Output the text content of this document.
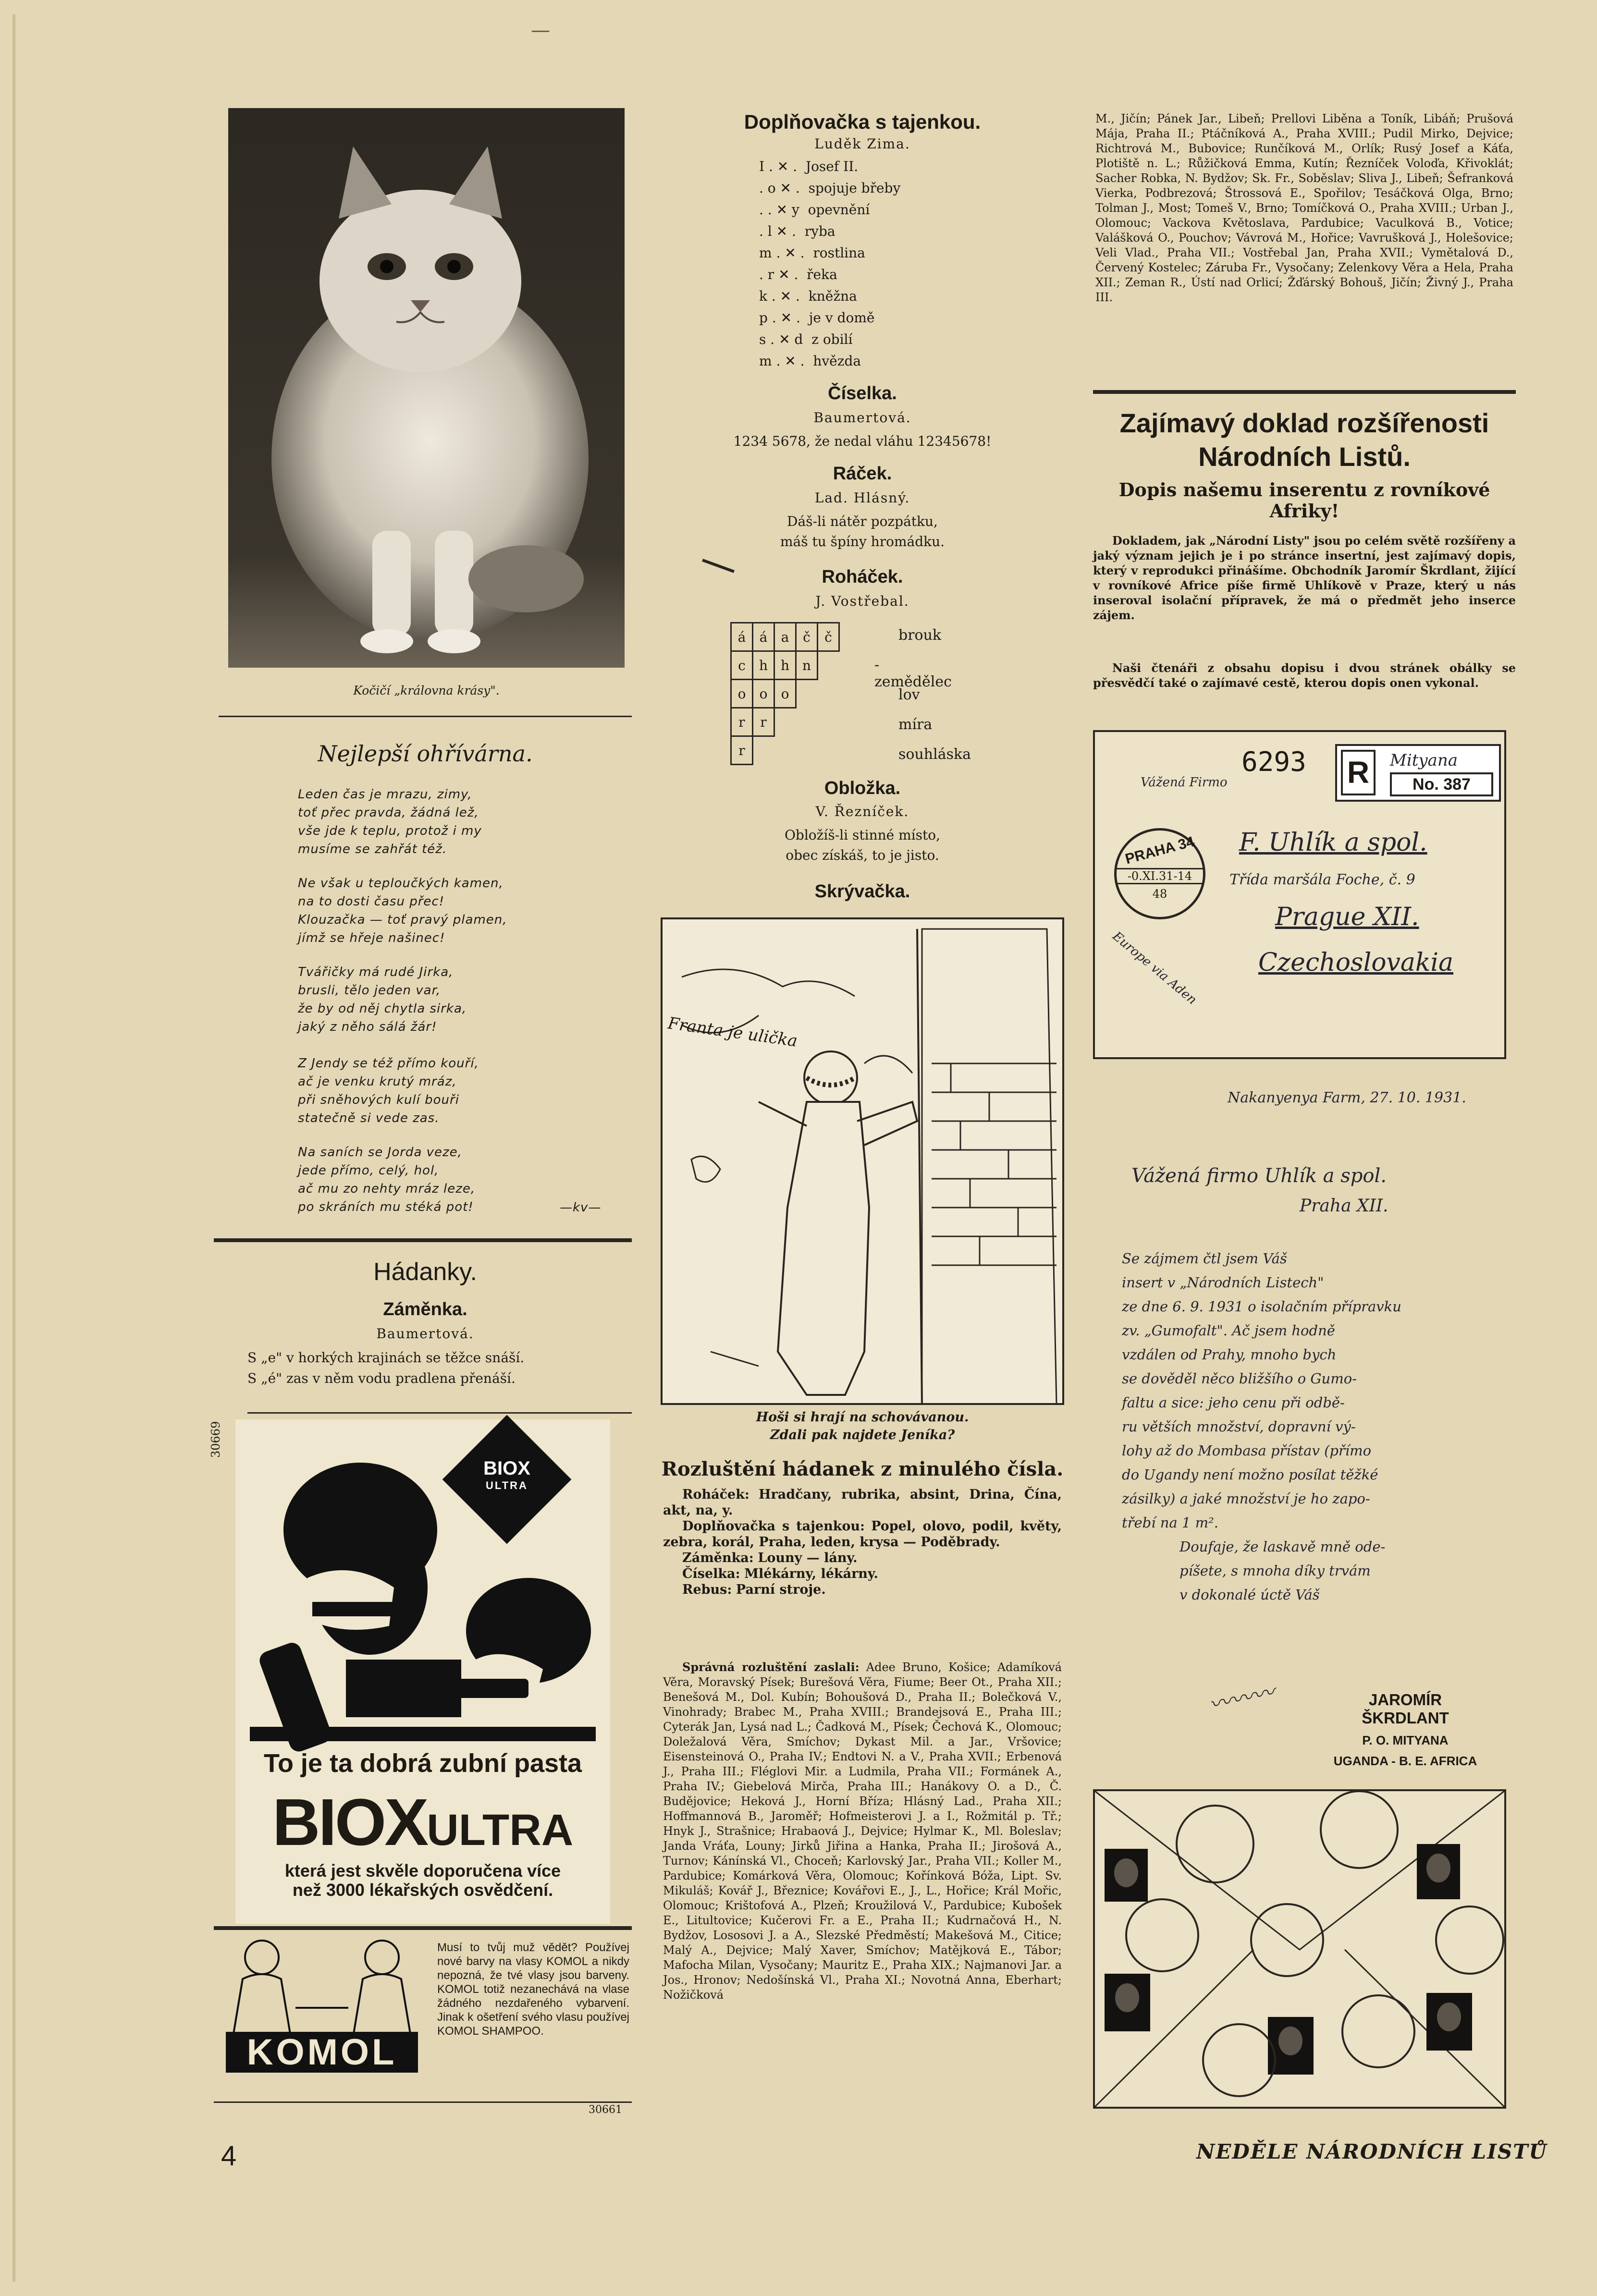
—
Kočičí „královna krásy".
Nejlepší ohřívárna.
Leden čas je mrazu, zimy,
toť přec pravda, žádná lež,
vše jde k teplu, protož i my
musíme se zahřát též.
Ne však u teploučkých kamen,
na to dosti času přec!
Klouzačka — toť pravý plamen,
jímž se hřeje našinec!
Tvářičky má rudé Jirka,
brusli, tělo jeden var,
že by od něj chytla sirka,
jaký z něho sálá žár!
Z Jendy se též přímo kouří,
ač je venku krutý mráz,
při sněhových kulí bouři
statečně si vede zas.
Na saních se Jorda veze,
jede přímo, celý, hol,
ač mu zo nehty mráz leze,
po skráních mu stéká pot!	—kv—
Hádanky.
Záměnka.
Baumertová.
S „e" v horkých krajinách se těžce snáší.
S „é" zas v něm vodu pradlena přenáší.
30669
BIOX
ULTRA
To je ta dobrá zubní pasta
BIOXULTRA
která jest skvěle doporučena více
než 3000 lékařských osvědčení.
KOMOL
Musí to tvůj muž vědět? Používej nové barvy na vlasy KOMOL a nikdy nepozná, že tvé vlasy jsou barveny. KOMOL totiž nezanechává na vlase žádného nezdařeného vybarvení. Jinak k ošetření svého vlasu používej KOMOL SHAMPOO.
30661
4
Doplňovačka s tajenkou.
Luděk Zima.
I . ✕ .  Josef II.
. o ✕ .  spojuje břeby
. . ✕ y  opevnění
. l ✕ .  ryba
m . ✕ .  rostlina
. r ✕ .  řeka
k . ✕ .  kněžna
p . ✕ .  je v domě
s . ✕ d  z obilí
m . ✕ .  hvězda
Číselka.
Baumertová.
1234 5678, že nedal vláhu 12345678!
Ráček.
Lad. Hlásný.
Dáš-li nátěr pozpátku,
máš tu špíny hromádku.
Roháček.
J. Vostřebal.
á	á	a	č	č
c	h	h	n	
o	o	o		
r	r			
r				
brouk
-zemědělec
lov
míra
souhláska
Obložka.
V. Řezníček.
Obložíš-li stinné místo,
obec získáš, to je jisto.
Skrývačka.
Franta je ulička
Hoši si hrají na schovávanou.
Zdali pak najdete Jeníka?
Rozluštění hádanek z minulého čísla.
Roháček: Hradčany, rubrika, absint, Drina, Čína, akt, na, y.
Doplňovačka s tajenkou: Popel, olovo, podil, květy, zebra, korál, Praha, leden, krysa — Poděbrady.
Záměnka: Louny — lány.
Číselka: Mlékárny, lékárny.
Rebus: Parní stroje.
Správná rozluštění zaslali: Adee Bruno, Košice; Adamíková Věra, Moravský Písek; Burešová Věra, Fiume; Beer Ot., Praha XII.; Benešová M., Dol. Kubín; Bohoušová D., Praha II.; Bolečková V., Vinohrady; Brabec M., Praha XVIII.; Brandejsová E., Praha III.; Cyterák Jan, Lysá nad L.; Čadková M., Písek; Čechová K., Olomouc; Doležalová Věra, Smíchov; Dykast Mil. a Jar., Vršovice; Eisensteinová O., Praha IV.; Endtovi N. a V., Praha XVII.; Erbenová J., Praha III.; Fléglovi Mir. a Ludmila, Praha VII.; Formánek A., Praha IV.; Giebelová Mirča, Praha III.; Hanákovy O. a D., Č. Budějovice; Heková J., Horní Bříza; Hlásný Lad., Praha XII.; Hoffmannová B., Jaroměř; Hofmeisterovi J. a I., Rožmitál p. Tř.; Hnyk J., Strašnice; Hrabaová J., Dejvice; Hylmar K., Ml. Boleslav; Janda Vráťa, Louny; Jirků Jiřina a Hanka, Praha II.; Jirošová A., Turnov; Kánínská Vl., Choceň; Karlovský Jar., Praha VII.; Koller M., Pardubice; Komárková Věra, Olomouc; Kořínková Bóža, Lipt. Sv. Mikuláš; Kovář J., Březnice; Kovářovi E., J., L., Hořice; Král Mořic, Olomouc; Krištofová A., Plzeň; Kroužilová V., Pardubice; Kubošek E., Litultovice; Kučerovi Fr. a E., Praha II.; Kudrnačová H., N. Bydžov, Lososovi J. a A., Slezské Předměstí; Makešová M., Citice; Malý A., Dejvice; Malý Xaver, Smíchov; Matějková E., Tábor; Mafocha Milan, Vysočany; Mauritz E., Praha XIX.; Najmanovi Jar. a Jos., Hronov; Nedošínská Vl., Praha XI.; Novotná Anna, Eberhart; Nožičková
M., Jičín; Pánek Jar., Libeň; Prellovi Liběna a Toník, Libáň; Prušová Mája, Praha II.; Ptáčníková A., Praha XVIII.; Pudil Mirko, Dejvice; Richtrová M., Bubovice; Runčíková M., Orlík; Rusý Josef a Káťa, Plotiště n. L.; Růžičková Emma, Kutín; Řezníček Voloďa, Křivoklát; Sacher Robka, N. Bydžov; Sk. Fr., Soběslav; Sliva J., Libeň; Šefranková Vierka, Podbrezová; Štrossová E., Spořilov; Tesáčková Olga, Brno; Tolman J., Most; Tomeš V., Brno; Tomíčková O., Praha XVIII.; Urban J., Olomouc; Vackova Květoslava, Pardubice; Vaculková B., Votice; Valášková O., Pouchov; Vávrová M., Hořice; Vavrušková J., Holešovice; Veli Vlad., Praha VII.; Vostřebal Jan, Praha XVII.; Vymětalová D., Červený Kostelec; Záruba Fr., Vysočany; Zelenkovy Věra a Hela, Praha XII.; Zeman R., Ústí nad Orlicí; Žďárský Bohouš, Jičín; Živný J., Praha III.
Zajímavý doklad rozšířenosti
Národních Listů.
Dopis našemu inserentu z rovníkové Afriky!
Dokladem, jak „Národní Listy" jsou po celém světě rozšířeny a jaký význam jejich je i po stránce insertní, jest zajímavý dopis, který v reprodukci přinášíme. Obchodník Jaromír Škrdlant, žijící v rovníkové Africe píše firmě Uhlíkově v Praze, který u nás inseroval isolační přípravek, že má o předmět jeho inserce zájem.
Naši čtenáři z obsahu dopisu i dvou stránek obálky se přesvědčí také o zajímavé cestě, kterou dopis onen vykonal.
Vážená Firmo
6293 R	Mityana
No. 387
PRAHA 34
-0.XI.31-14
48
Europe via Aden
F. Uhlík a spol.
Třída maršála Foche, č. 9
Prague XII.
Czechoslovakia
Nakanyenya Farm, 27. 10. 1931.
Vážená firmo Uhlík a spol.
Praha XII.
Se zájmem čtl jsem Váš
insert v „Národních Listech"
ze dne 6. 9. 1931 o isolačním přípravku
zv. „Gumofalt". Ač jsem hodně
vzdálen od Prahy, mnoho bych
se dověděl něco bližšího o Gumo-
faltu a sice: jeho cenu při odbě-
ru větších množství, dopravní vý-
lohy až do Mombasa přístav (přímo
do Ugandy není možno posílat těžké
zásilky) a jaké množství je ho zapo-
třebí na 1 m².
Doufaje, že laskavě mně ode-
píšete, s mnoha díky trvám
v dokonalé úctě Váš
〰〰〰	JAROMÍR ŠKRDLANT
P. O. MITYANA
UGANDA - B. E. AFRICA
NEDĚLE NÁRODNÍCH LISTŮ
